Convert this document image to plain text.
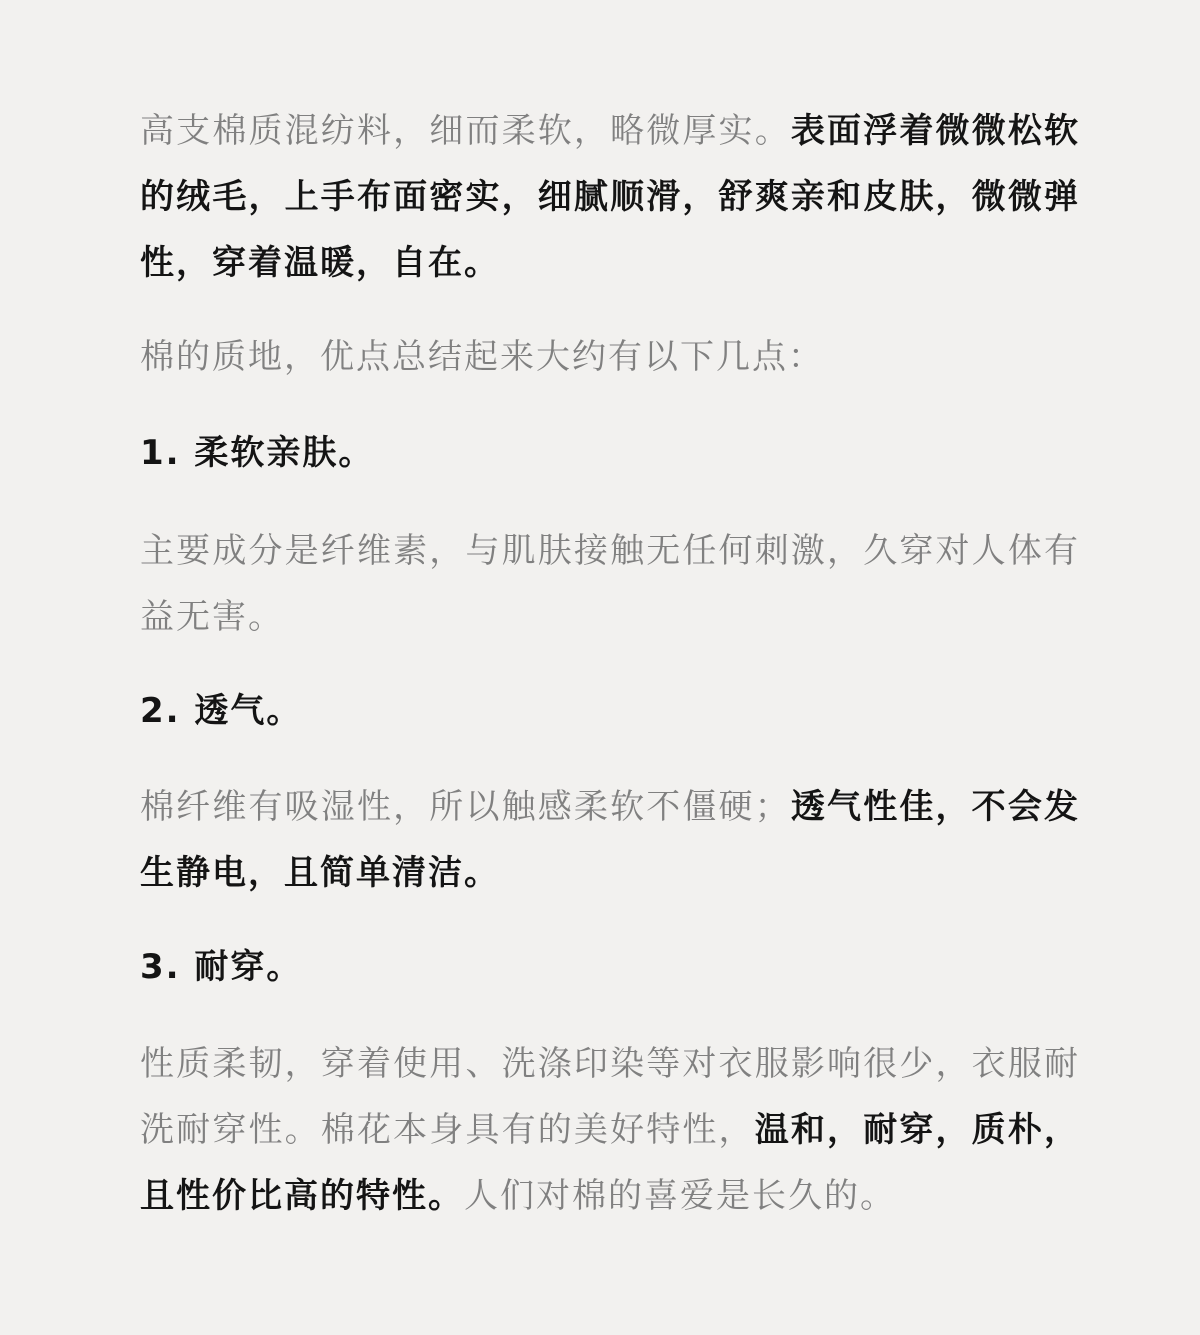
高支棉质混纺料，细而柔软，略微厚实。表面浮着微微松软的绒毛，上手布面密实，细腻顺滑，舒爽亲和皮肤，微微弹性，穿着温暖，自在。

棉的质地，优点总结起来大约有以下几点：

1. 柔软亲肤。

主要成分是纤维素，与肌肤接触无任何刺激，久穿对人体有益无害。

2. 透气。

棉纤维有吸湿性，所以触感柔软不僵硬；透气性佳，不会发生静电，且简单清洁。

3. 耐穿。

性质柔韧，穿着使用、洗涤印染等对衣服影响很少，衣服耐洗耐穿性。棉花本身具有的美好特性，温和，耐穿，质朴，且性价比高的特性。人们对棉的喜爱是长久的。
